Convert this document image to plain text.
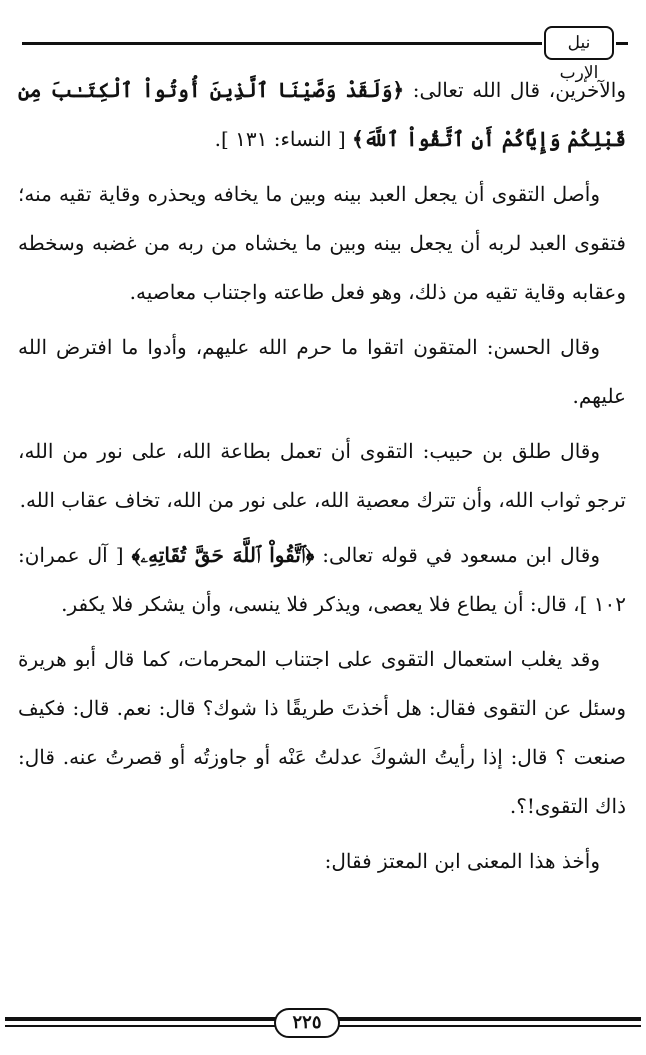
نيل الإرب

والآخرين، قال الله تعالى: ﴿وَلَقَدْ وَصَّيْنَا ٱلَّذِينَ أُوتُواْ ٱلْكِتَـٰبَ مِن قَبْلِكُمْ وَإِيَّاكُمْ أَنِ ٱتَّقُواْ ٱللَّهَ﴾ [ النساء: ١٣١ ].

وأصل التقوى أن يجعل العبد بينه وبين ما يخافه ويحذره وقاية تقيه منه؛ فتقوى العبد لربه أن يجعل بينه وبين ما يخشاه من ربه من غضبه وسخطه وعقابه وقاية تقيه من ذلك، وهو فعل طاعته واجتناب معاصيه.

وقال الحسن: المتقون اتقوا ما حرم الله عليهم، وأدوا ما افترض الله عليهم.

وقال طلق بن حبيب: التقوى أن تعمل بطاعة الله، على نور من الله، ترجو ثواب الله، وأن تترك معصية الله، على نور من الله، تخاف عقاب الله.

وقال ابن مسعود في قوله تعالى: ﴿ٱتَّقُواْ ٱللَّهَ حَقَّ تُقَاتِهِۦ﴾ [ آل عمران: ١٠٢ ]، قال: أن يطاع فلا يعصى، ويذكر فلا ينسى، وأن يشكر فلا يكفر.

وقد يغلب استعمال التقوى على اجتناب المحرمات، كما قال أبو هريرة وسئل عن التقوى فقال: هل أخذتَ طريقًا ذا شوك؟ قال: نعم. قال: فكيف صنعت ؟ قال: إذا رأيتُ الشوكَ عدلتُ عَنْه أو جاوزتُه أو قصرتُ عنه. قال: ذاك التقوى!؟.

وأخذ هذا المعنى ابن المعتز فقال:

٢٢٥
